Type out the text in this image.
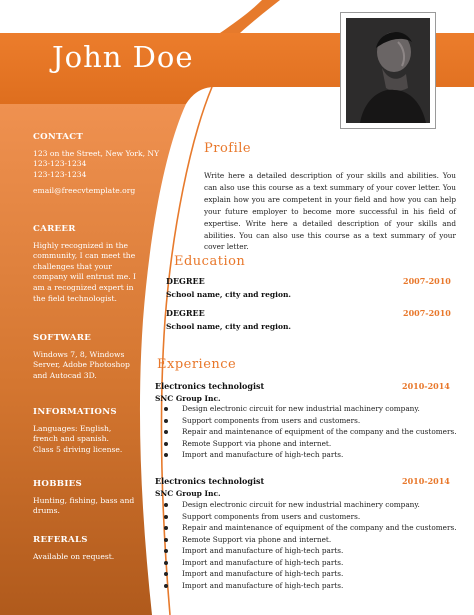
John Doe
CONTACT
123 on the Street, New York, NY
123-123-1234
123-123-1234
email@freecvtemplate.org
CAREER
Highly recognized in the
community, I can meet the
challenges that your
company will entrust me. I
am a recognized expert in
the field technologist.
SOFTWARE
Windows 7, 8, Windows
Server, Adobe Photoshop
and Autocad 3D.
INFORMATIONS
Languages: English,
french and spanish.
Class 5 driving license.
HOBBIES
Hunting, fishing, bass and
drums.
REFERALS
Available on request.
Profile
Write here a detailed description of your skills and abilities. You can also use this course as a text summary of your cover letter. You explain how you are competent in your field and how you can help your future employer to become more successful in his field of expertise. Write here a detailed description of your skills and abilities. You can also use this course as a text summary of your cover letter.
Education
DEGREE	2007-2010
School name, city and region.
DEGREE	2007-2010
School name, city and region.
Experience
Electronics technologist	2010-2014
SNC Group Inc.
Design electronic circuit for new industrial machinery company.
Support components from users and customers.
Repair and maintenance of equipment of the company and the customers.
Remote Support via phone and internet.
Import and manufacture of high-tech parts.
Electronics technologist	2010-2014
SNC Group Inc.
Design electronic circuit for new industrial machinery company.
Support components from users and customers.
Repair and maintenance of equipment of the company and the customers.
Remote Support via phone and internet.
Import and manufacture of high-tech parts.
Import and manufacture of high-tech parts.
Import and manufacture of high-tech parts.
Import and manufacture of high-tech parts.
